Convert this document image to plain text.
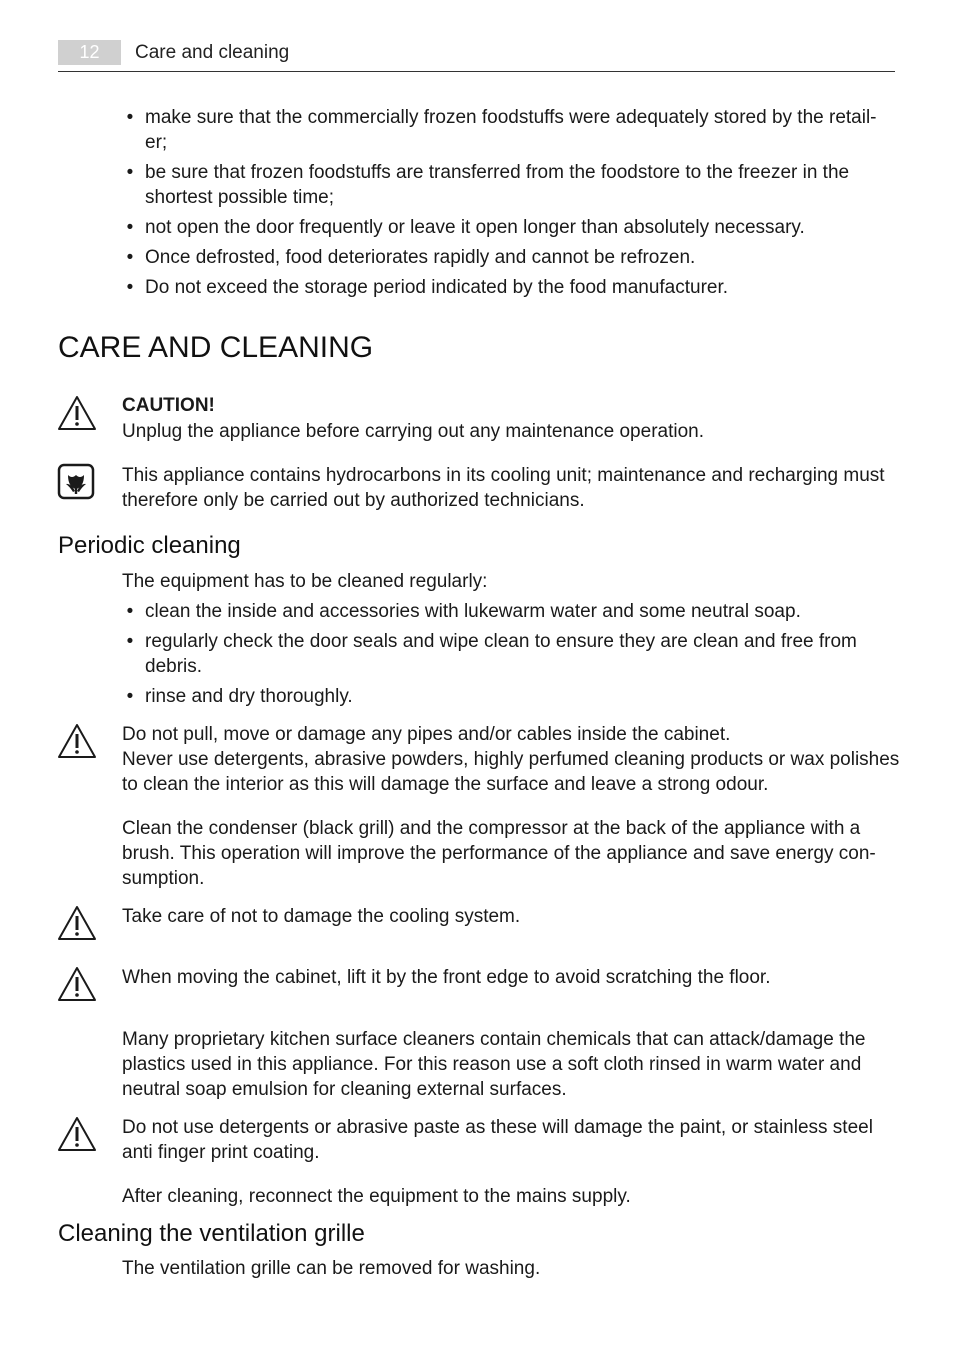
12	Care and cleaning
• make sure that the commercially frozen foodstuffs were adequately stored by the retail-
er;
• be sure that frozen foodstuffs are transferred from the foodstore to the freezer in the
shortest possible time;
• not open the door frequently or leave it open longer than absolutely necessary.
• Once defrosted, food deteriorates rapidly and cannot be refrozen.
• Do not exceed the storage period indicated by the food manufacturer.
CARE AND CLEANING
CAUTION!
Unplug the appliance before carrying out any maintenance operation.
This appliance contains hydrocarbons in its cooling unit; maintenance and recharging must
therefore only be carried out by authorized technicians.
Periodic cleaning
The equipment has to be cleaned regularly:
• clean the inside and accessories with lukewarm water and some neutral soap.
• regularly check the door seals and wipe clean to ensure they are clean and free from
debris.
• rinse and dry thoroughly.
Do not pull, move or damage any pipes and/or cables inside the cabinet.
Never use detergents, abrasive powders, highly perfumed cleaning products or wax polishes
to clean the interior as this will damage the surface and leave a strong odour.
Clean the condenser (black grill) and the compressor at the back of the appliance with a
brush. This operation will improve the performance of the appliance and save energy con-
sumption.
Take care of not to damage the cooling system.
When moving the cabinet, lift it by the front edge to avoid scratching the floor.
Many proprietary kitchen surface cleaners contain chemicals that can attack/damage the
plastics used in this appliance. For this reason use a soft cloth rinsed in warm water and
neutral soap emulsion for cleaning external surfaces.
Do not use detergents or abrasive paste as these will damage the paint, or stainless steel
anti finger print coating.
After cleaning, reconnect the equipment to the mains supply.
Cleaning the ventilation grille
The ventilation grille can be removed for washing.
